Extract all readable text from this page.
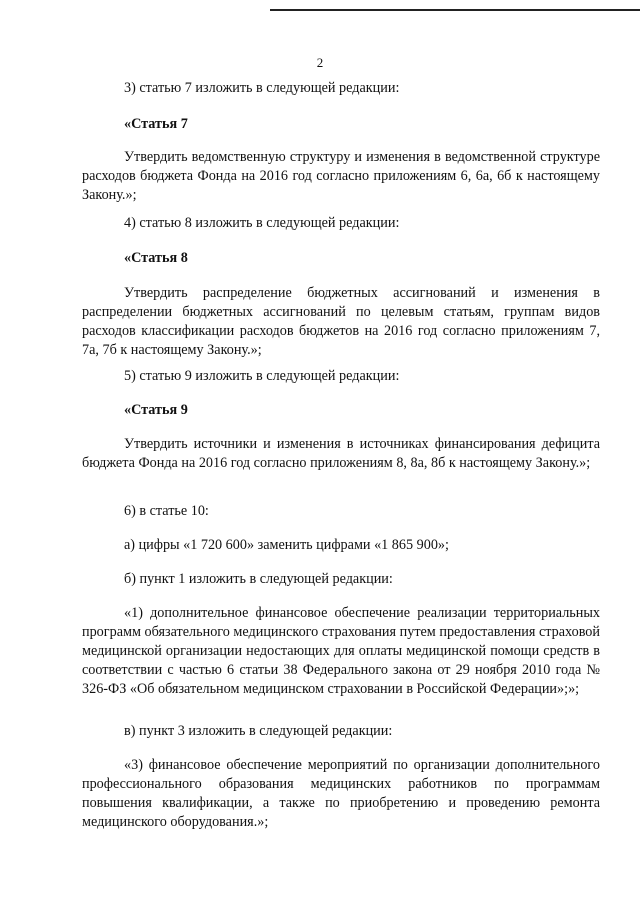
2

3) статью 7 изложить в следующей редакции:

«Статья 7

Утвердить ведомственную структуру и изменения в ведомственной структуре расходов бюджета Фонда на 2016 год согласно приложениям 6, 6а, 6б к настоящему Закону.»;

4) статью 8 изложить в следующей редакции:

«Статья 8

Утвердить распределение бюджетных ассигнований и изменения в распределении бюджетных ассигнований по целевым статьям, группам видов расходов классификации расходов бюджетов на 2016 год согласно приложениям 7, 7а, 7б к настоящему Закону.»;

5) статью 9 изложить в следующей редакции:

«Статья 9

Утвердить источники и изменения в источниках финансирования дефицита бюджета Фонда на 2016 год согласно приложениям 8, 8а, 8б к настоящему Закону.»;

6) в статье 10:

а) цифры «1 720 600» заменить цифрами «1 865 900»;

б) пункт 1 изложить в следующей редакции:

«1) дополнительное финансовое обеспечение реализации территориальных программ обязательного медицинского страхования путем предоставления страховой медицинской организации недостающих для оплаты медицинской помощи средств в соответствии с частью 6 статьи 38 Федерального закона от 29 ноября 2010 года № 326-ФЗ «Об обязательном медицинском страховании в Российской Федерации»;»;

в) пункт 3 изложить в следующей редакции:

«3) финансовое обеспечение мероприятий по организации дополнительного профессионального образования медицинских работников по программам повышения квалификации, а также по приобретению и проведению ремонта медицинского оборудования.»;
